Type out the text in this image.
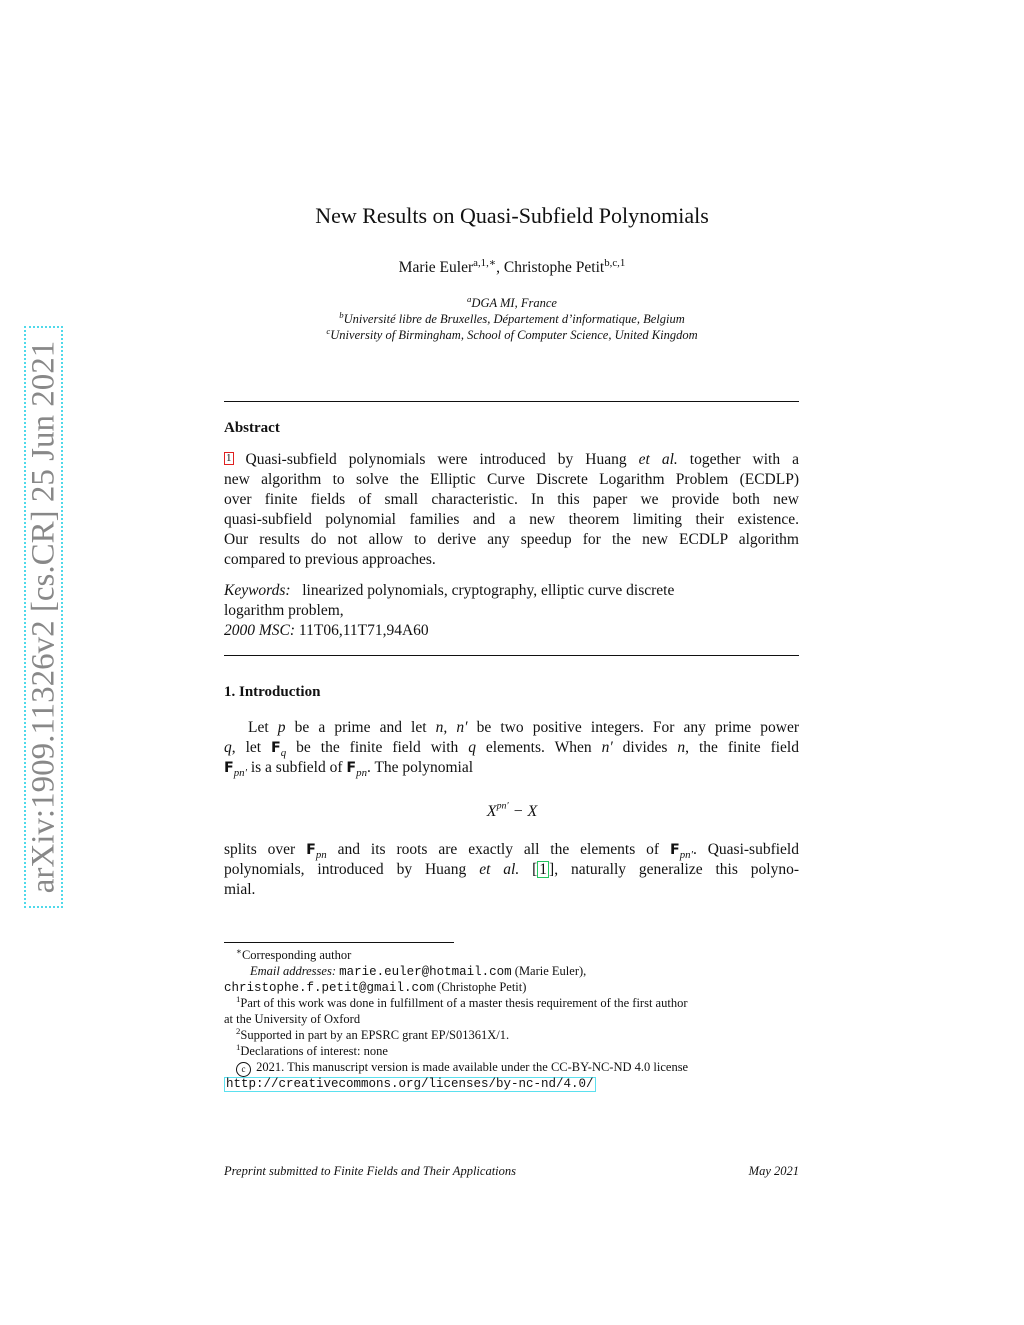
arXiv:1909.11326v2 [cs.CR] 25 Jun 2021
New Results on Quasi-Subfield Polynomials
Marie Euler$^{a,1,∗}$, Christophe Petit$^{b,c,1}$
$^a$DGA MI, France
$^b$Université libre de Bruxelles, Département d’informatique, Belgium
$^c$University of Birmingham, School of Computer Science, United Kingdom
Abstract
1 Quasi-subfield polynomials were introduced by Huang et al. together with a
new algorithm to solve the Elliptic Curve Discrete Logarithm Problem (ECDLP)
over finite fields of small characteristic. In this paper we provide both new
quasi-subfield polynomial families and a new theorem limiting their existence.
Our results do not allow to derive any speedup for the new ECDLP algorithm
compared to previous approaches.
Keywords: linearized polynomials, cryptography, elliptic curve discrete
logarithm problem,
2000 MSC: 11T06,11T71,94A60
1. Introduction
Let p be a prime and let n, n′ be two positive integers. For any prime power
q, let $F_q$ be the finite field with q elements. When n′ divides n, the finite field
$F_{pn'}$ is a subfield of $F_{pn}$. The polynomial
$X^{pn'} - X$
splits over $F_{pn}$ and its roots are exactly all the elements of $F_{pn'}$. Quasi-subfield
polynomials, introduced by Huang et al. [ 1 ], naturally generalize this polyno-
mial.
∗Corresponding author
Email addresses: marie.euler@hotmail.com (Marie Euler),
christophe.f.petit@gmail.com (Christophe Petit)
$^1$Part of this work was done in fulfillment of a master thesis requirement of the first author
at the University of Oxford
$^2$Supported in part by an EPSRC grant EP/S01361X/1.
$^1$Declarations of interest: none
c 2021. This manuscript version is made available under the CC-BY-NC-ND 4.0 license
http://creativecommons.org/licenses/by-nc-nd/4.0/
Preprint submitted to Finite Fields and Their Applications	May 2021
